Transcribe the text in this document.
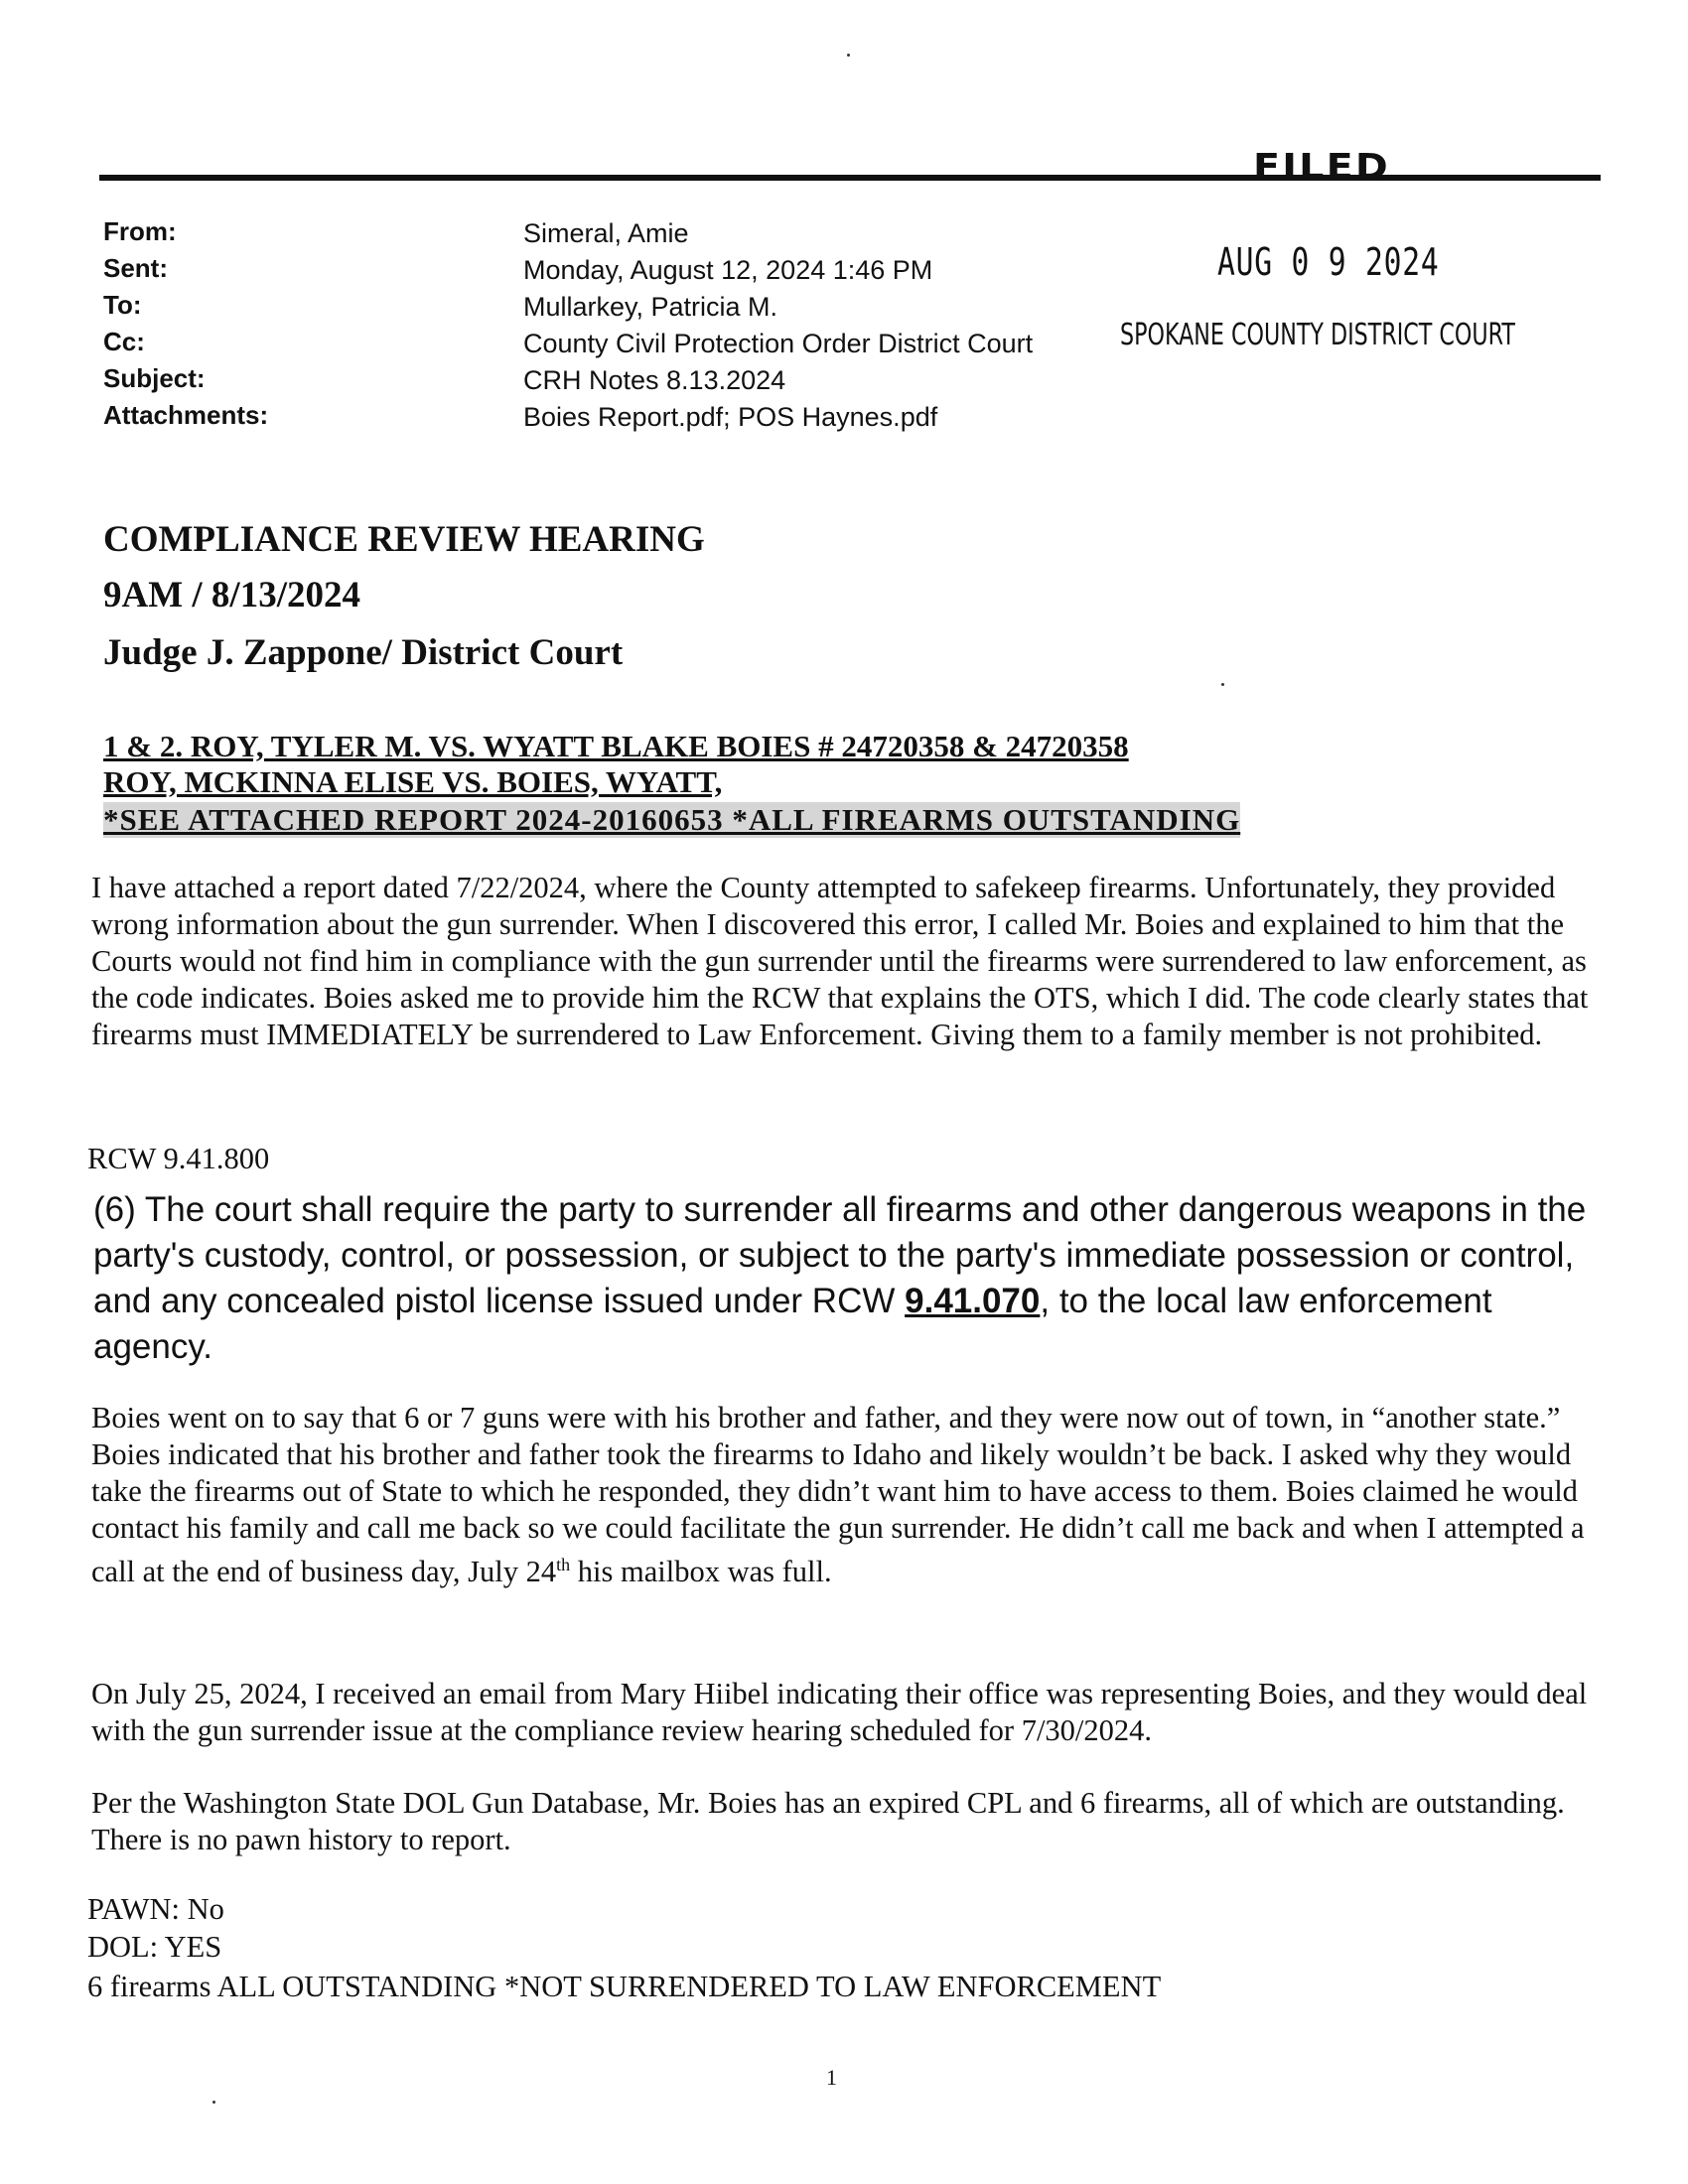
FILED
From:	Simeral, Amie
Sent:	Monday, August 12, 2024 1:46 PM
To:	Mullarkey, Patricia M.
Cc:	County Civil Protection Order District Court
Subject:	CRH Notes 8.13.2024
Attachments:	Boies Report.pdf; POS Haynes.pdf
AUG 0 9 2024
SPOKANE COUNTY DISTRICT COURT
COMPLIANCE REVIEW HEARING
9AM / 8/13/2024
Judge J. Zappone/ District Court
1 & 2. ROY, TYLER M. VS. WYATT BLAKE BOIES # 24720358 & 24720358
ROY, MCKINNA ELISE VS. BOIES, WYATT,
*SEE ATTACHED REPORT 2024-20160653 *ALL FIREARMS OUTSTANDING

I have attached a report dated 7/22/2024, where the County attempted to safekeep firearms. Unfortunately, they provided wrong information about the gun surrender. When I discovered this error, I called Mr. Boies and explained to him that the Courts would not find him in compliance with the gun surrender until the firearms were surrendered to law enforcement, as the code indicates. Boies asked me to provide him the RCW that explains the OTS, which I did. The code clearly states that firearms must IMMEDIATELY be surrendered to Law Enforcement. Giving them to a family member is not prohibited.

RCW 9.41.800
(6) The court shall require the party to surrender all firearms and other dangerous weapons in the party's custody, control, or possession, or subject to the party's immediate possession or control, and any concealed pistol license issued under RCW 9.41.070, to the local law enforcement agency.

Boies went on to say that 6 or 7 guns were with his brother and father, and they were now out of town, in “another state.” Boies indicated that his brother and father took the firearms to Idaho and likely wouldn’t be back. I asked why they would take the firearms out of State to which he responded, they didn’t want him to have access to them. Boies claimed he would contact his family and call me back so we could facilitate the gun surrender. He didn’t call me back and when I attempted a call at the end of business day, July 24th his mailbox was full.

On July 25, 2024, I received an email from Mary Hiibel indicating their office was representing Boies, and they would deal with the gun surrender issue at the compliance review hearing scheduled for 7/30/2024.

Per the Washington State DOL Gun Database, Mr. Boies has an expired CPL and 6 firearms, all of which are outstanding. There is no pawn history to report.

PAWN: No
DOL: YES
6 firearms ALL OUTSTANDING *NOT SURRENDERED TO LAW ENFORCEMENT
1
